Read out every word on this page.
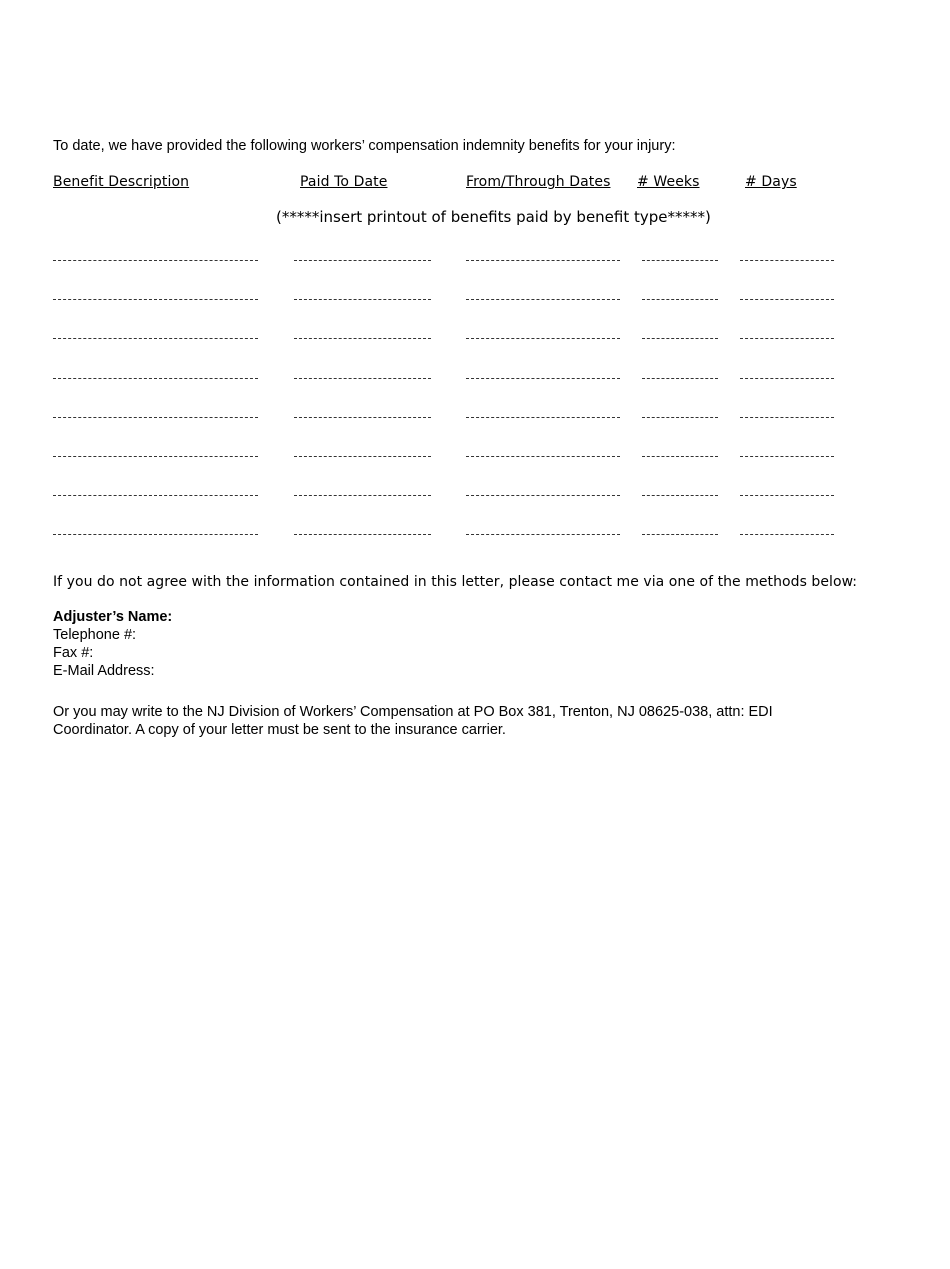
To date, we have provided the following workers’ compensation indemnity benefits for your injury:
Benefit Description	Paid To Date	From/Through Dates # Weeks	# Days
(*****insert printout of benefits paid by benefit type*****)
If you do not agree with the information contained in this letter, please contact me via one of the methods below:
Adjuster’s Name:
Telephone #:
Fax #:
E-Mail Address:
Or you may write to the NJ Division of Workers’ Compensation at PO Box 381, Trenton, NJ 08625-038, attn: EDI Coordinator. A copy of your letter must be sent to the insurance carrier.
